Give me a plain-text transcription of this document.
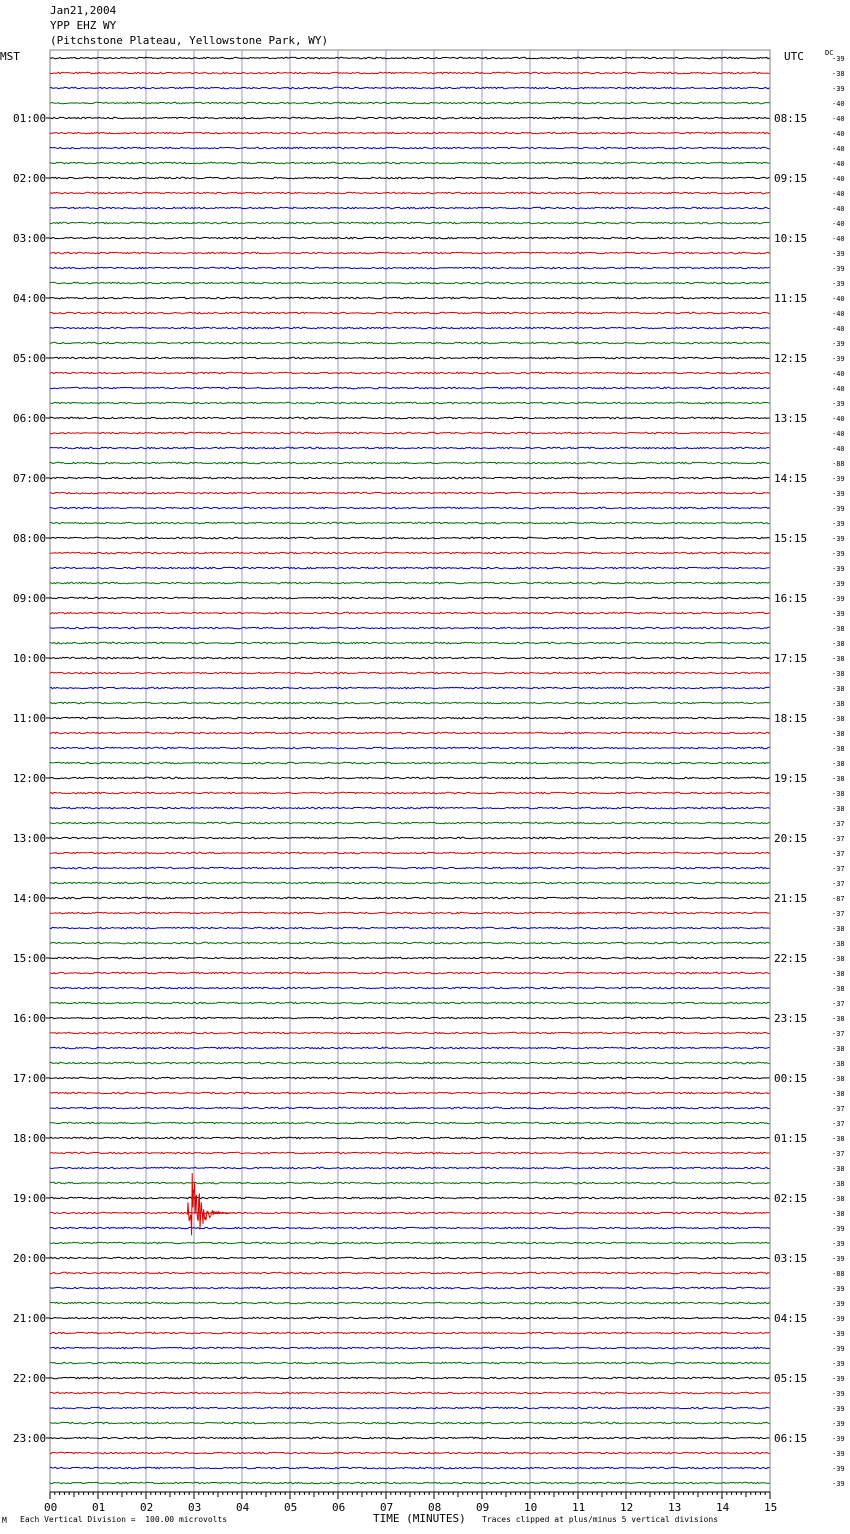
Jan21,2004
YPP EHZ WY
(Pitchstone Plateau, Yellowstone Park, WY)
MST	UTC	DC
01:00
02:00
03:00
04:00
05:00
06:00
07:00
08:00
09:00
10:00
11:00
12:00
13:00
14:00
15:00
16:00
17:00
18:00
19:00
20:00
21:00
22:00
23:00
08:15
09:15
10:15
11:15
12:15
13:15
14:15
15:15
16:15
17:15
18:15
19:15
20:15
21:15
22:15
23:15
00:15
01:15
02:15
03:15
04:15
05:15
06:15
-39
-38
-39
-40
-40
-40
-40
-40
-40
-40
-40
-40
-40
-39
-39
-39
-40
-40
-40
-39
-39
-40
-40
-39
-40
-40
-40
-88
-39
-39
-39
-39
-39
-39
-39
-39
-39
-39
-38
-38
-38
-38
-38
-38
-38
-38
-38
-38
-38
-38
-38
-37
-37
-37
-37
-37
-87
-37
-38
-38
-38
-38
-38
-37
-38
-37
-38
-38
-38
-38
-37
-37
-38
-37
-38
-38
-38
-38
-39
-39
-39
-88
-39
-39
-39
-39
-39
-39
-39
-39
-39
-39
-39
-39
-39
-39
00	01	02	03	04	05	06	07	08	09	10	11	12	13	14	15
TIME (MINUTES)
M Each Vertical Division =  100.00 microvolts	Traces clipped at plus/minus 5 vertical divisions
